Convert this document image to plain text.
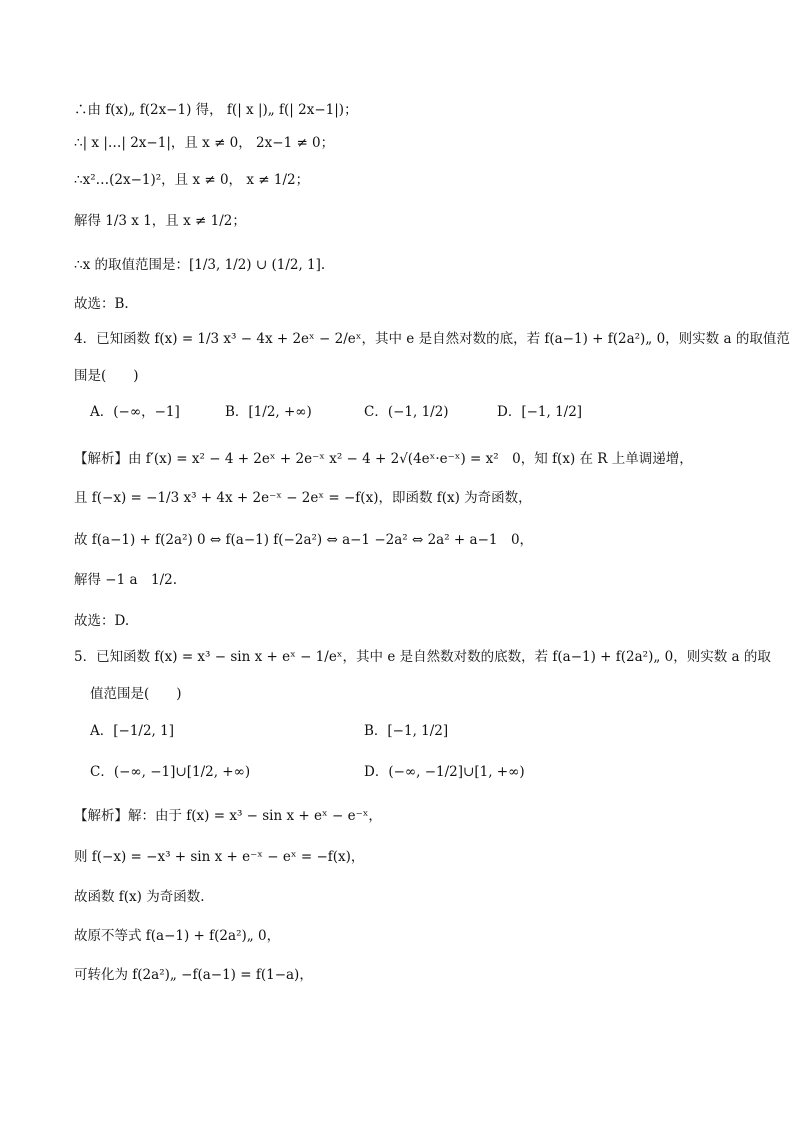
∴由 f(x)„ f(2x−1) 得， f(| x |)„ f(| 2x−1|)；
∴| x |…| 2x−1|，且 x ≠ 0， 2x−1 ≠ 0；
∴x²…(2x−1)²，且 x ≠ 0， x ≠ 1/2；
解得 1/3 x 1，且 x ≠ 1/2；
∴x 的取值范围是：[1/3, 1/2) ∪ (1/2, 1].
故选：B.
4．已知函数 f(x) = 1/3 x³ − 4x + 2eˣ − 2/eˣ，其中 e 是自然对数的底，若 f(a−1) + f(2a²)„ 0，则实数 a 的取值范
围是(　　)
A．(−∞，−1]	B．[1/2, +∞)	C．(−1, 1/2)	D．[−1, 1/2]
【解析】由 f′(x) = x² − 4 + 2eˣ + 2e⁻ˣ x² − 4 + 2√(4eˣ·e⁻ˣ) = x²　0，知 f(x) 在 R 上单调递增，
且 f(−x) = −1/3 x³ + 4x + 2e⁻ˣ − 2eˣ = −f(x)，即函数 f(x) 为奇函数，
故 f(a−1) + f(2a²) 0 ⇔ f(a−1) f(−2a²) ⇔ a−1 −2a² ⇔ 2a² + a−1　0，
解得 −1 a　1/2.
故选：D.
5．已知函数 f(x) = x³ − sin x + eˣ − 1/eˣ，其中 e 是自然数对数的底数，若 f(a−1) + f(2a²)„ 0，则实数 a 的取
值范围是(　　)
A．[−1/2, 1]	B．[−1, 1/2]
C．(−∞, −1]∪[1/2, +∞)	D．(−∞, −1/2]∪[1, +∞)
【解析】解：由于 f(x) = x³ − sin x + eˣ − e⁻ˣ，
则 f(−x) = −x³ + sin x + e⁻ˣ − eˣ = −f(x)，
故函数 f(x) 为奇函数.
故原不等式 f(a−1) + f(2a²)„ 0，
可转化为 f(2a²)„ −f(a−1) = f(1−a)，
